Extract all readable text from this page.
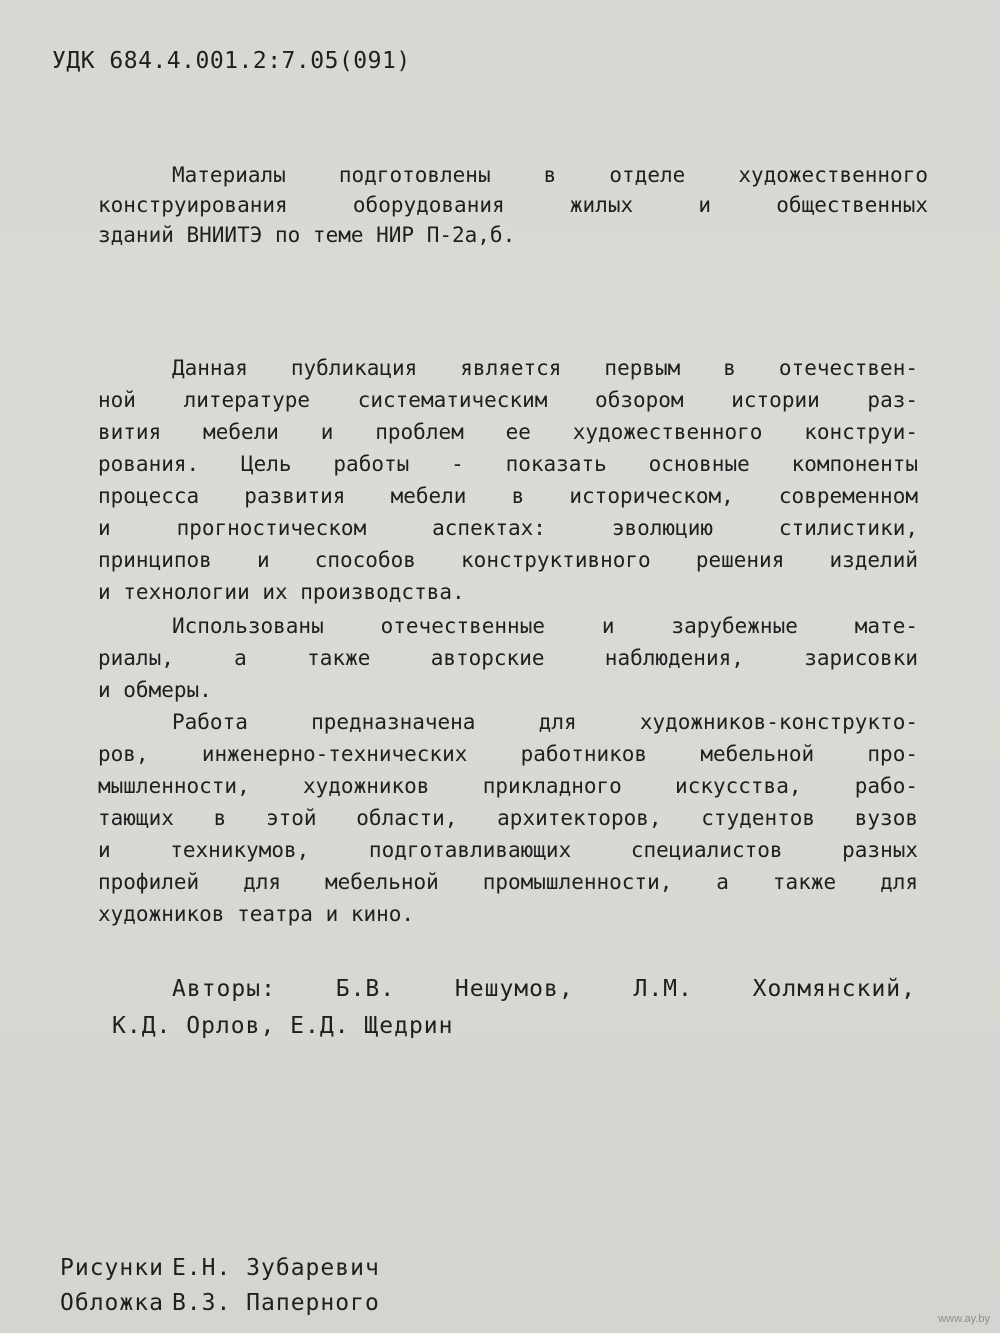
УДК 684.4.001.2:7.05(091)
Материалы подготовлены в отделе художественного
конструирования оборудования жилых и общественных
зданий ВНИИТЭ по теме НИР П-2а,б.
Данная публикация является первым в отечествен-
ной литературе систематическим обзором истории раз-
вития мебели и проблем ее художественного конструи-
рования. Цель работы - показать основные компоненты
процесса развития мебели в историческом, современном
и прогностическом аспектах: эволюцию стилистики,
принципов и способов конструктивного решения изделий
и технологии их производства.
Использованы отечественные и зарубежные мате-
риалы, а также авторские наблюдения, зарисовки
и обмеры.
Работа предназначена для художников-конструкто-
ров, инженерно-технических работников мебельной про-
мышленности, художников прикладного искусства, рабо-
тающих в этой области, архитекторов, студентов вузов
и техникумов, подготавливающих специалистов разных
профилей для мебельной промышленности, а также для
художников театра и кино.
Авторы: Б.В. Нешумов, Л.М. Холмянский,
К.Д. Орлов, Е.Д. Щедрин
Рисунки Е.Н. Зубаревич
Обложка В.З. Паперного
www.ay.by
